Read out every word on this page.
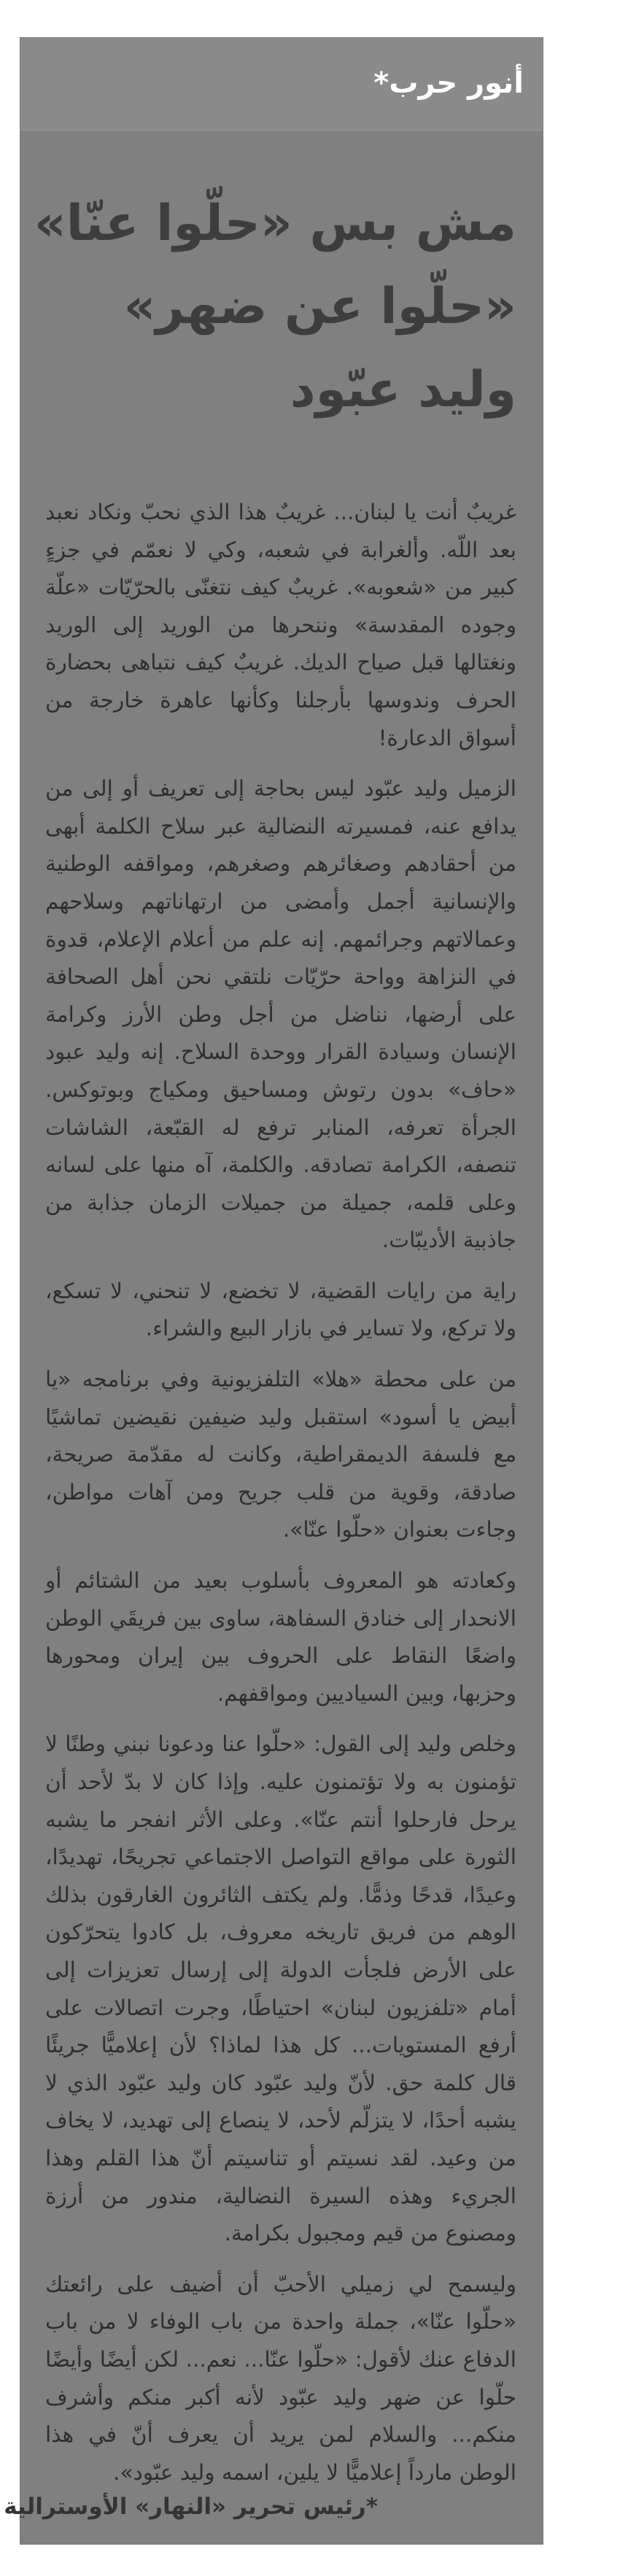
أنور حرب*
مش بس «حلّوا عنّا»
«حلّوا عن ضهر»
وليد عبّود

غريبٌ أنت يا لبنان... غريبٌ هذا الذي نحبّ ونكاد نعبد بعد اللّه. وألغرابة في شعبه، وكي لا نعمّم في جزءٍ كبير من «شعوبه». غريبٌ كيف نتغنّى بالحرّيّات «علّة وجوده المقدسة» وننحرها من الوريد إلى الوريد ونغتالها قبل صياح الديك. غريبٌ كيف نتباهى بحضارة الحرف وندوسها بأرجلنا وكأنها عاهرة خارجة من أسواق الدعارة!

الزميل وليد عبّود ليس بحاجة إلى تعريف أو إلى من يدافع عنه، فمسيرته النضالية عبر سلاح الكلمة أبهى من أحقادهم وصغائرهم وصغرهم، ومواقفه الوطنية والإنسانية أجمل وأمضى من ارتهاناتهم وسلاحهم وعمالاتهم وجرائمهم. إنه علم من أعلام الإعلام، قدوة في النزاهة وواحة حرّيّات نلتقي نحن أهل الصحافة على أرضها، نناضل من أجل وطن الأرز وكرامة الإنسان وسيادة القرار ووحدة السلاح. إنه وليد عبود «حاف» بدون رتوش ومساحيق ومكياج وبوتوكس. الجرأة تعرفه، المنابر ترفع له القبّعة، الشاشات تنصفه، الكرامة تصادقه. والكلمة، آه منها على لسانه وعلى قلمه، جميلة من جميلات الزمان جذابة من جاذبية الأديبّات.

راية من رايات القضية، لا تخضع، لا تنحني، لا تسكع، ولا تركع، ولا تساير في بازار البيع والشراء.

من على محطة «هلا» التلفزيونية وفي برنامجه «يا أبيض يا أسود» استقبل وليد ضيفين نقيضين تماشيًا مع فلسفة الديمقراطية، وكانت له مقدّمة صريحة، صادقة، وقوية من قلب جريح ومن آهات مواطن، وجاءت بعنوان «حلّوا عنّا».

وكعادته هو المعروف بأسلوب بعيد من الشتائم أو الانحدار إلى خنادق السفاهة، ساوى بين فريقَي الوطن واضعًا النقاط على الحروف بين إيران ومحورها وحزبها، وبين السياديين ومواقفهم.

وخلص وليد إلى القول: «حلّوا عنا ودعونا نبني وطنًا لا تؤمنون به ولا تؤتمنون عليه. وإذا كان لا بدّ لأحد أن يرحل فارحلوا أنتم عنّا». وعلى الأثر انفجر ما يشبه الثورة على مواقع التواصل الاجتماعي تجريحًا، تهديدًا، وعيدًا، قدحًا وذمًّا. ولم يكتف الثائرون الغارقون بذلك الوهم من فريق تاريخه معروف، بل كادوا يتحرّكون على الأرض فلجأت الدولة إلى إرسال تعزيزات إلى أمام «تلفزيون لبنان» احتياطًا، وجرت اتصالات على أرفع المستويات... كل هذا لماذا؟ لأن إعلاميًّا جريئًا قال كلمة حق. لأنّ وليد عبّود كان وليد عبّود الذي لا يشبه أحدًا، لا يتزلّم لأحد، لا ينصاع إلى تهديد، لا يخاف من وعيد. لقد نسيتم أو تناسيتم أنّ هذا القلم وهذا الجريء وهذه السيرة النضالية، مندور من أرزة ومصنوع من قيم ومجبول بكرامة.

وليسمح لي زميلي الأحبّ أن أضيف على رائعتك «حلّوا عنّا»، جملة واحدة من باب الوفاء لا من باب الدفاع عنك لأقول: «حلّوا عنّا... نعم... لكن أيضًا وأيضًا حلّوا عن ضهر وليد عبّود لأنه أكبر منكم وأشرف منكم... والسلام لمن يريد أن يعرف أنّ في هذا الوطن مارداً إعلاميًّا لا يلين، اسمه وليد عبّود».

*رئيس تحرير «النهار» الأوسترالية
